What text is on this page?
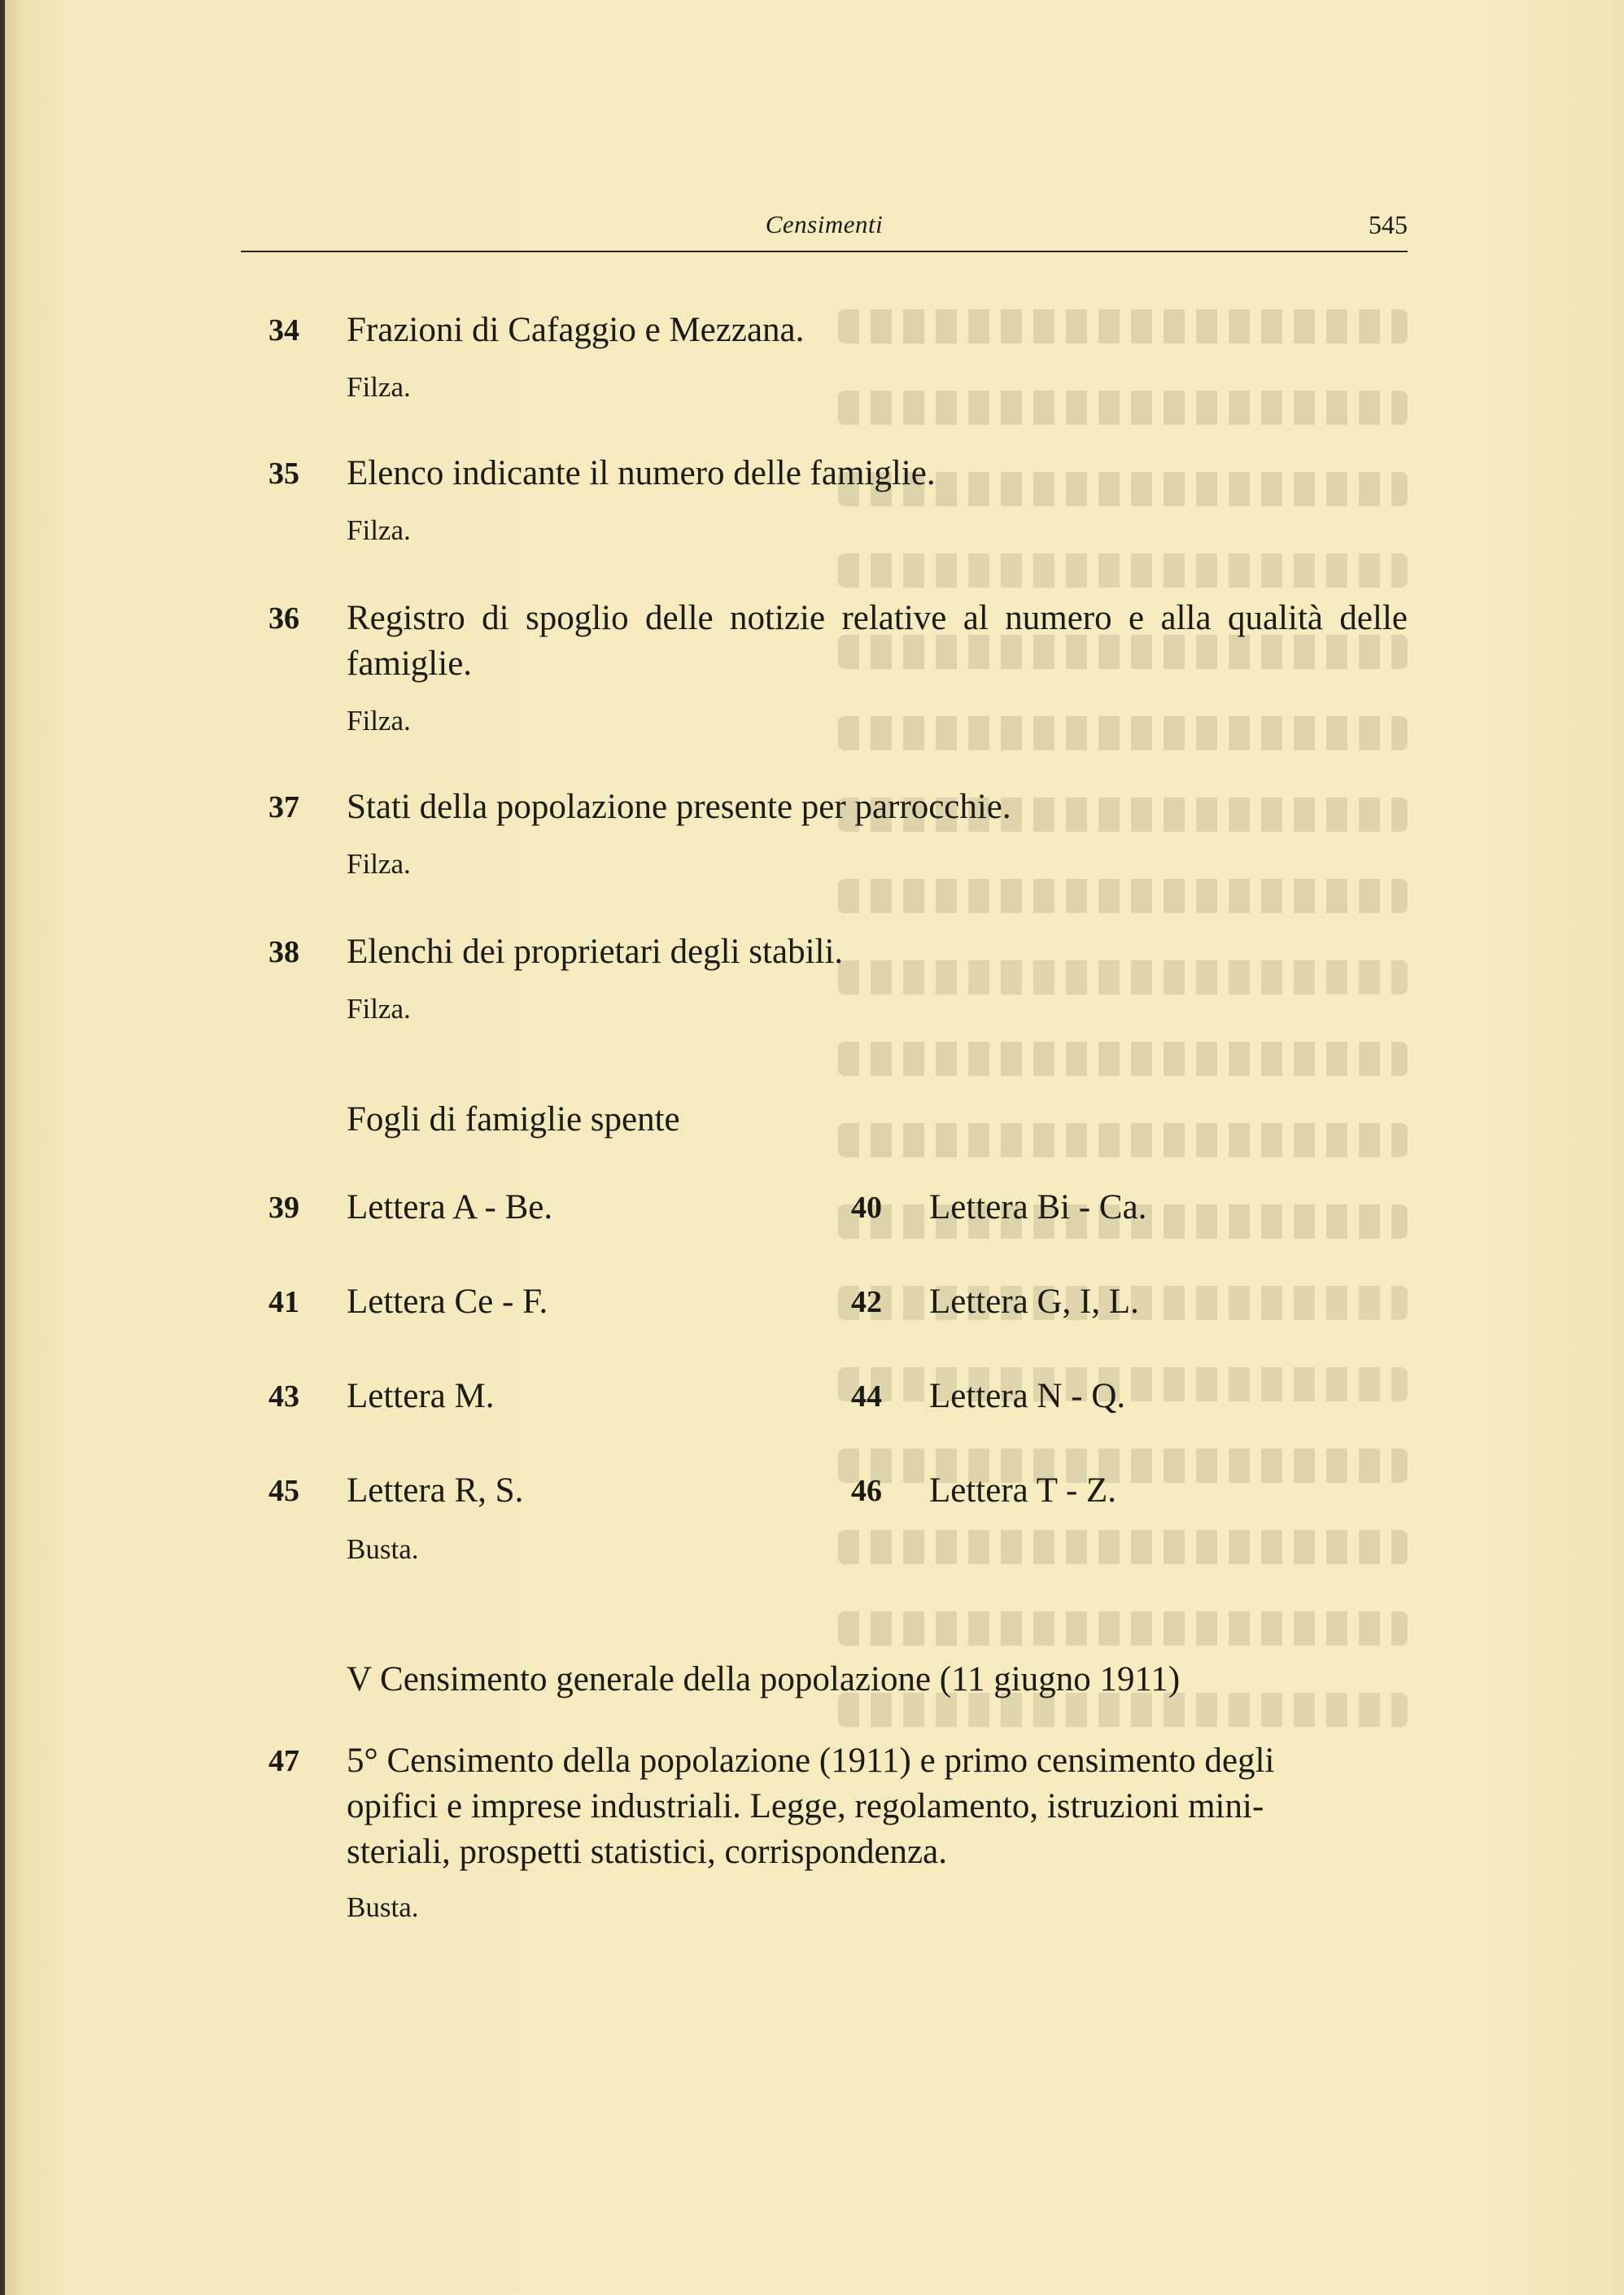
Censimenti	545
34 Frazioni di Cafaggio e Mezzana.
Filza.
35 Elenco indicante il numero delle famiglie.
Filza.
36 Registro di spoglio delle notizie relative al numero e alla qualità delle famiglie.
Filza.
37 Stati della popolazione presente per parrocchie.
Filza.
38 Elenchi dei proprietari degli stabili.
Filza.
Fogli di famiglie spente
39 Lettera A - Be.	40 Lettera Bi - Ca.
41 Lettera Ce - F.	42 Lettera G, I, L.
43 Lettera M.	44 Lettera N - Q.
45 Lettera R, S.	46 Lettera T - Z.
Busta.
V Censimento generale della popolazione (11 giugno 1911)
47 5° Censimento della popolazione (1911) e primo censimento degli
opifici e imprese industriali. Legge, regolamento, istruzioni mini-
steriali, prospetti statistici, corrispondenza.
Busta.
